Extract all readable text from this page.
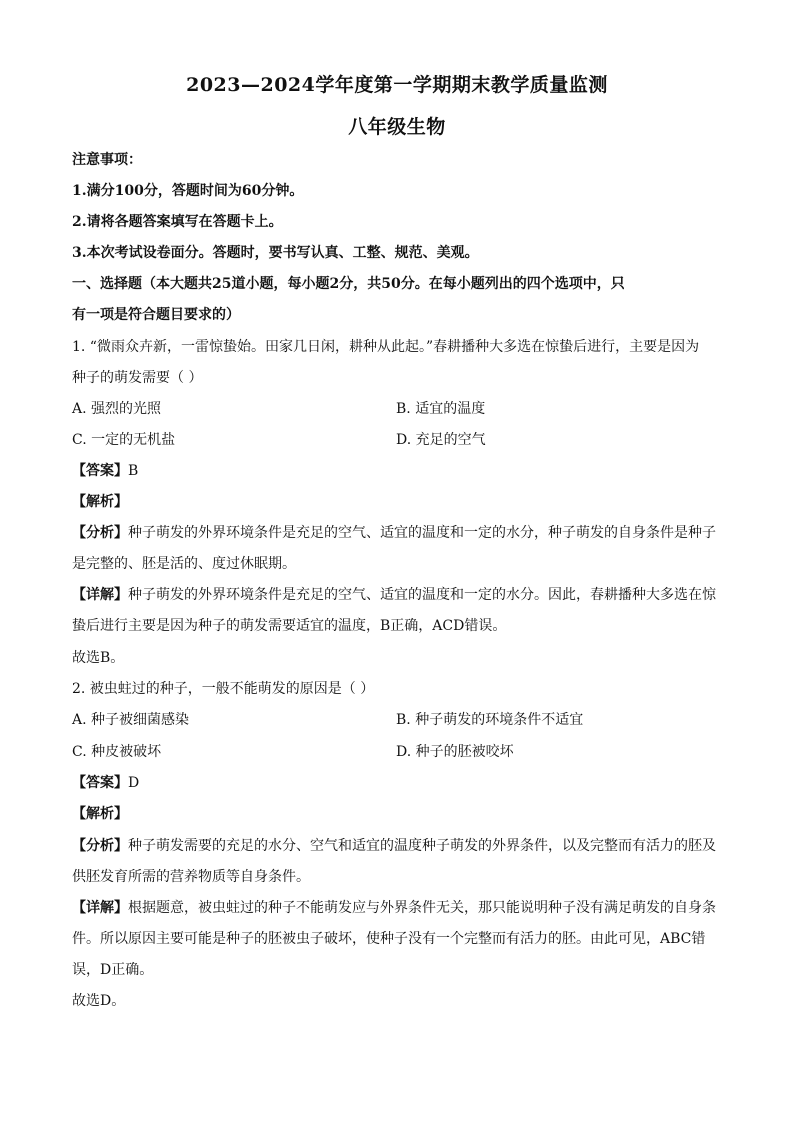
2023—2024学年度第一学期期末教学质量监测
八年级生物
注意事项：
1.满分100分，答题时间为60分钟。
2.请将各题答案填写在答题卡上。
3.本次考试设卷面分。答题时，要书写认真、工整、规范、美观。
一、选择题（本大题共25道小题，每小题2分，共50分。在每小题列出的四个选项中，只
有一项是符合题目要求的）
1. “微雨众卉新，一雷惊蛰始。田家几日闲，耕种从此起。”春耕播种大多选在惊蛰后进行，主要是因为
种子的萌发需要（ ）
A. 强烈的光照	B. 适宜的温度
C. 一定的无机盐	D. 充足的空气
【答案】B
【解析】
【分析】种子萌发的外界环境条件是充足的空气、适宜的温度和一定的水分，种子萌发的自身条件是种子
是完整的、胚是活的、度过休眠期。
【详解】种子萌发的外界环境条件是充足的空气、适宜的温度和一定的水分。因此，春耕播种大多选在惊
蛰后进行主要是因为种子的萌发需要适宜的温度，B正确，ACD错误。
故选B。
2. 被虫蛀过的种子，一般不能萌发的原因是（ ）
A. 种子被细菌感染	B. 种子萌发的环境条件不适宜
C. 种皮被破坏	D. 种子的胚被咬坏
【答案】D
【解析】
【分析】种子萌发需要的充足的水分、空气和适宜的温度种子萌发的外界条件，以及完整而有活力的胚及
供胚发育所需的营养物质等自身条件。
【详解】根据题意，被虫蛀过的种子不能萌发应与外界条件无关，那只能说明种子没有满足萌发的自身条
件。所以原因主要可能是种子的胚被虫子破坏，使种子没有一个完整而有活力的胚。由此可见，ABC错
误，D正确。
故选D。
